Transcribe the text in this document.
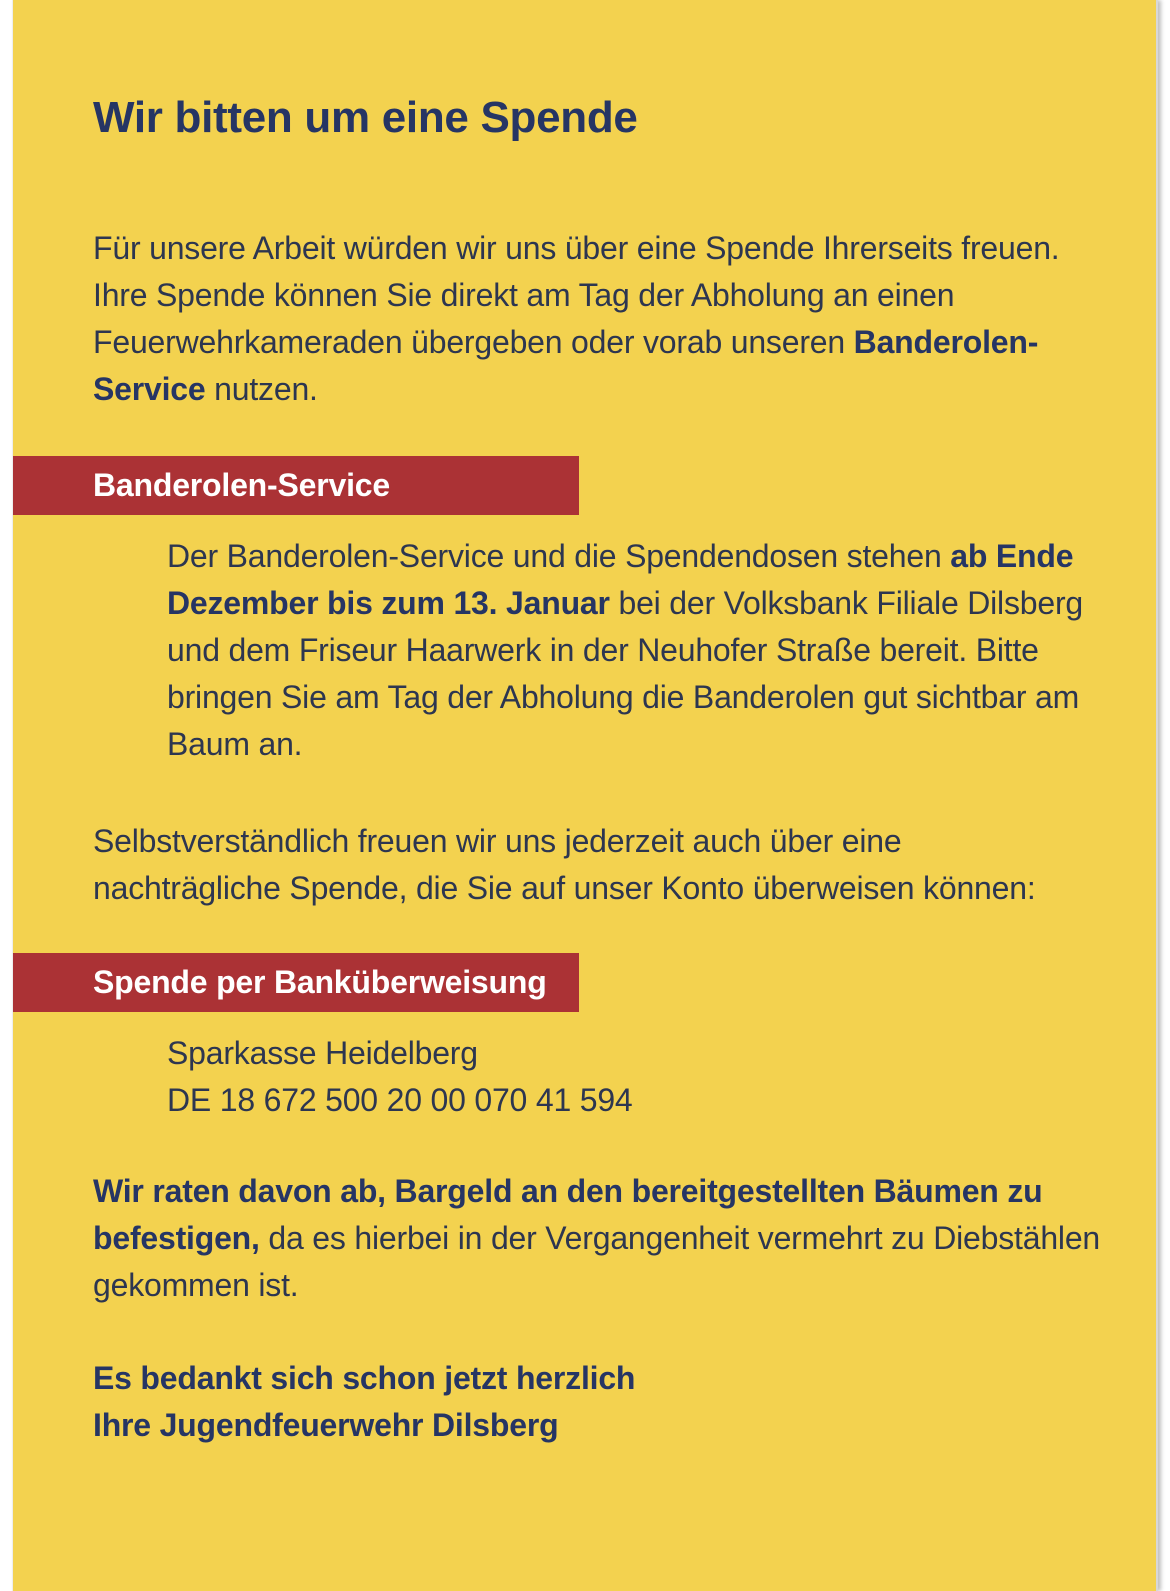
Wir bitten um eine Spende

Für unsere Arbeit würden wir uns über eine Spende Ihrerseits freuen. Ihre Spende können Sie direkt am Tag der Abholung an einen Feuerwehrkameraden übergeben oder vorab unseren Banderolen-Service nutzen.

Banderolen-Service

Der Banderolen-Service und die Spendendosen stehen ab Ende Dezember bis zum 13. Januar bei der Volksbank Filiale Dilsberg und dem Friseur Haarwerk in der Neuhofer Straße bereit. Bitte bringen Sie am Tag der Abholung die Banderolen gut sichtbar am Baum an.

Selbstverständlich freuen wir uns jederzeit auch über eine nachträgliche Spende, die Sie auf unser Konto überweisen können:

Spende per Banküberweisung

Sparkasse Heidelberg
DE 18 672 500 20 00 070 41 594

Wir raten davon ab, Bargeld an den bereitgestellten Bäumen zu befestigen, da es hierbei in der Vergangenheit vermehrt zu Diebstählen gekommen ist.

Es bedankt sich schon jetzt herzlich
Ihre Jugendfeuerwehr Dilsberg
